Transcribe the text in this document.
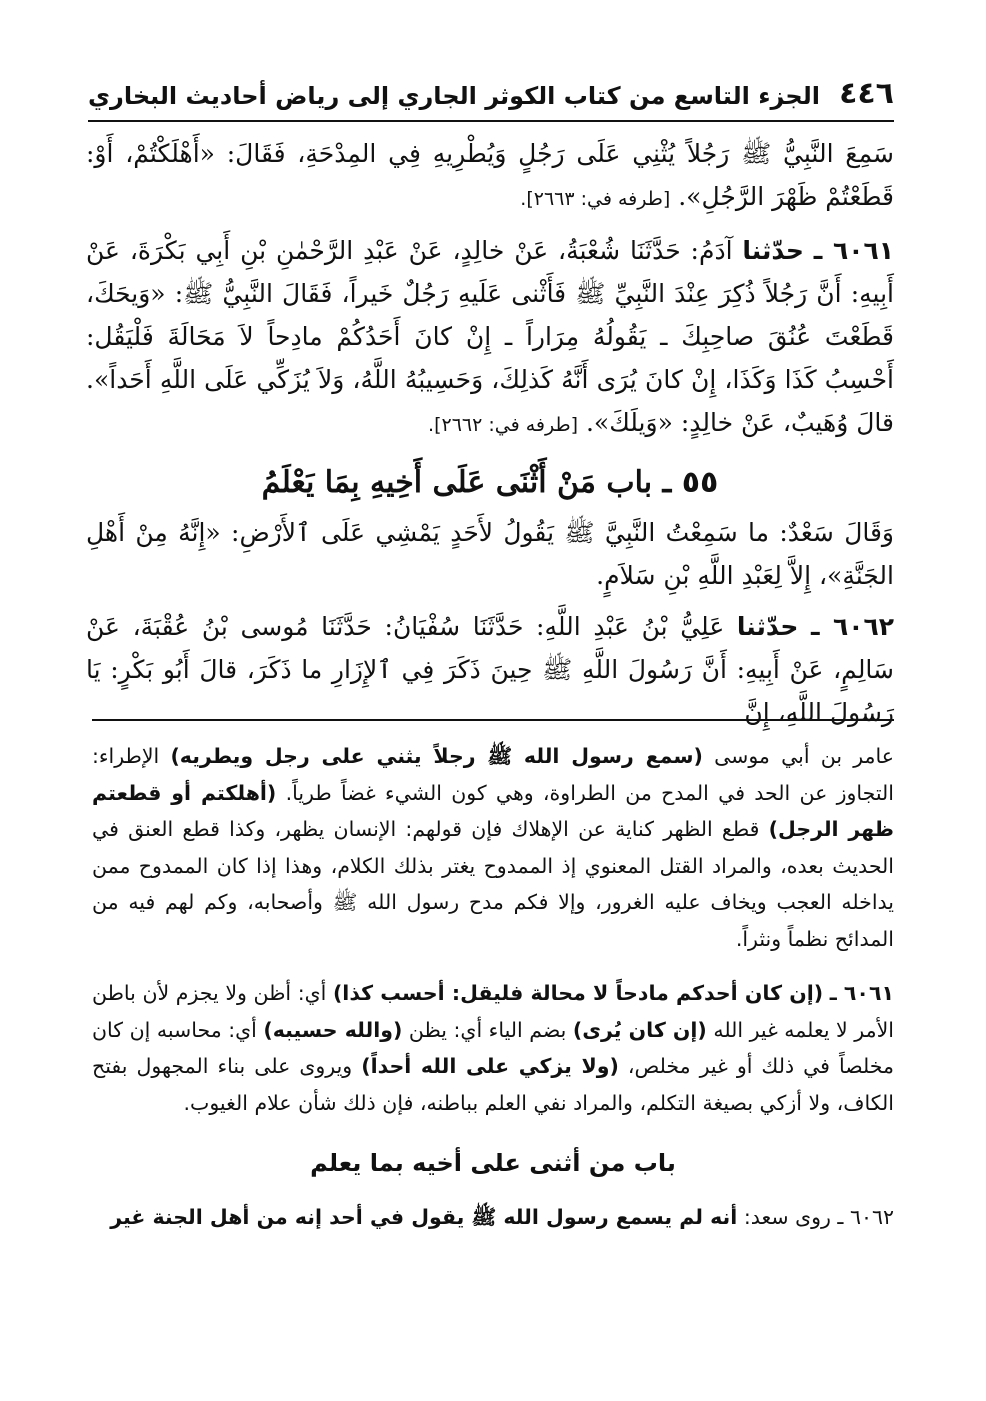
٤٤٦
الجزء التاسع من كتاب الكوثر الجاري إلى رياض أحاديث البخاري

سَمِعَ النَّبِيُّ ﷺ رَجُلاً يُثْنِي عَلَى رَجُلٍ وَيُطْرِيهِ فِي المِدْحَةِ، فَقَالَ: «أَهْلَكْتُمْ، أَوْ: قَطَعْتُمْ ظَهْرَ الرَّجُلِ». [طرفه في: ٢٦٦٣].

٦٠٦١ ـ حدّثنا آدَمُ: حَدَّثَنَا شُعْبَةُ، عَنْ خالِدٍ، عَنْ عَبْدِ الرَّحْمٰنِ بْنِ أَبِي بَكْرَةَ، عَنْ أَبِيهِ: أَنَّ رَجُلاً ذُكِرَ عِنْدَ النَّبِيِّ ﷺ فَأَثْنى عَلَيهِ رَجُلٌ خَيراً، فَقَالَ النَّبِيُّ ﷺ: «وَيحَكَ، قَطَعْتَ عُنُقَ صاحِبِكَ ـ يَقُولُهُ مِرَاراً ـ إِنْ كانَ أَحَدُكُمْ مادِحاً لاَ مَحَالَةَ فَلْيَقُل: أَحْسِبُ كَذَا وَكَذَا، إِنْ كانَ يُرَى أَنَّهُ كَذلِكَ، وَحَسِيبُهُ اللَّهُ، وَلاَ يُزَكِّي عَلَى اللَّهِ أَحَداً». قالَ وُهَيبٌ، عَنْ خالِدٍ: «وَيلَكَ». [طرفه في: ٢٦٦٢].

٥٥ ـ باب مَنْ أَثْنَى عَلَى أَخِيهِ بِمَا يَعْلَمُ

وَقَالَ سَعْدٌ: ما سَمِعْتُ النَّبِيَّ ﷺ يَقُولُ لأَحَدٍ يَمْشِي عَلَى ٱلأَرْضِ: «إِنَّهُ مِنْ أَهْلِ الجَنَّةِ»، إِلاَّ لِعَبْدِ اللَّهِ بْنِ سَلاَمٍ.

٦٠٦٢ ـ حدّثنا عَلِيُّ بْنُ عَبْدِ اللَّهِ: حَدَّثَنَا سُفْيَانُ: حَدَّثَنَا مُوسى بْنُ عُقْبَةَ، عَنْ سَالِمٍ، عَنْ أَبِيهِ: أَنَّ رَسُولَ اللَّهِ ﷺ حِينَ ذَكَرَ فِي ٱلإِزَارِ ما ذَكَرَ، قالَ أَبُو بَكْرٍ: يَا رَسُولَ اللَّهِ، إِنَّ

عامر بن أبي موسى (سمع رسول الله ﷺ رجلاً يثني على رجل ويطريه) الإطراء: التجاوز عن الحد في المدح من الطراوة، وهي كون الشيء غضاً طرياً. (أهلكتم أو قطعتم ظهر الرجل) قطع الظهر كناية عن الإهلاك فإن قولهم: الإنسان يظهر، وكذا قطع العنق في الحديث بعده، والمراد القتل المعنوي إذ الممدوح يغتر بذلك الكلام، وهذا إذا كان الممدوح ممن يداخله العجب ويخاف عليه الغرور، وإلا فكم مدح رسول الله ﷺ وأصحابه، وكم لهم فيه من المدائح نظماً ونثراً.

٦٠٦١ ـ (إن كان أحدكم مادحاً لا محالة فليقل: أحسب كذا) أي: أظن ولا يجزم لأن باطن الأمر لا يعلمه غير الله (إن كان يُرى) بضم الياء أي: يظن (والله حسيبه) أي: محاسبه إن كان مخلصاً في ذلك أو غير مخلص، (ولا يزكي على الله أحداً) ويروى على بناء المجهول بفتح الكاف، ولا أزكي بصيغة التكلم، والمراد نفي العلم بباطنه، فإن ذلك شأن علام الغيوب.

باب من أثنى على أخيه بما يعلم

٦٠٦٢ ـ روى سعد: أنه لم يسمع رسول الله ﷺ يقول في أحد إنه من أهل الجنة غير
